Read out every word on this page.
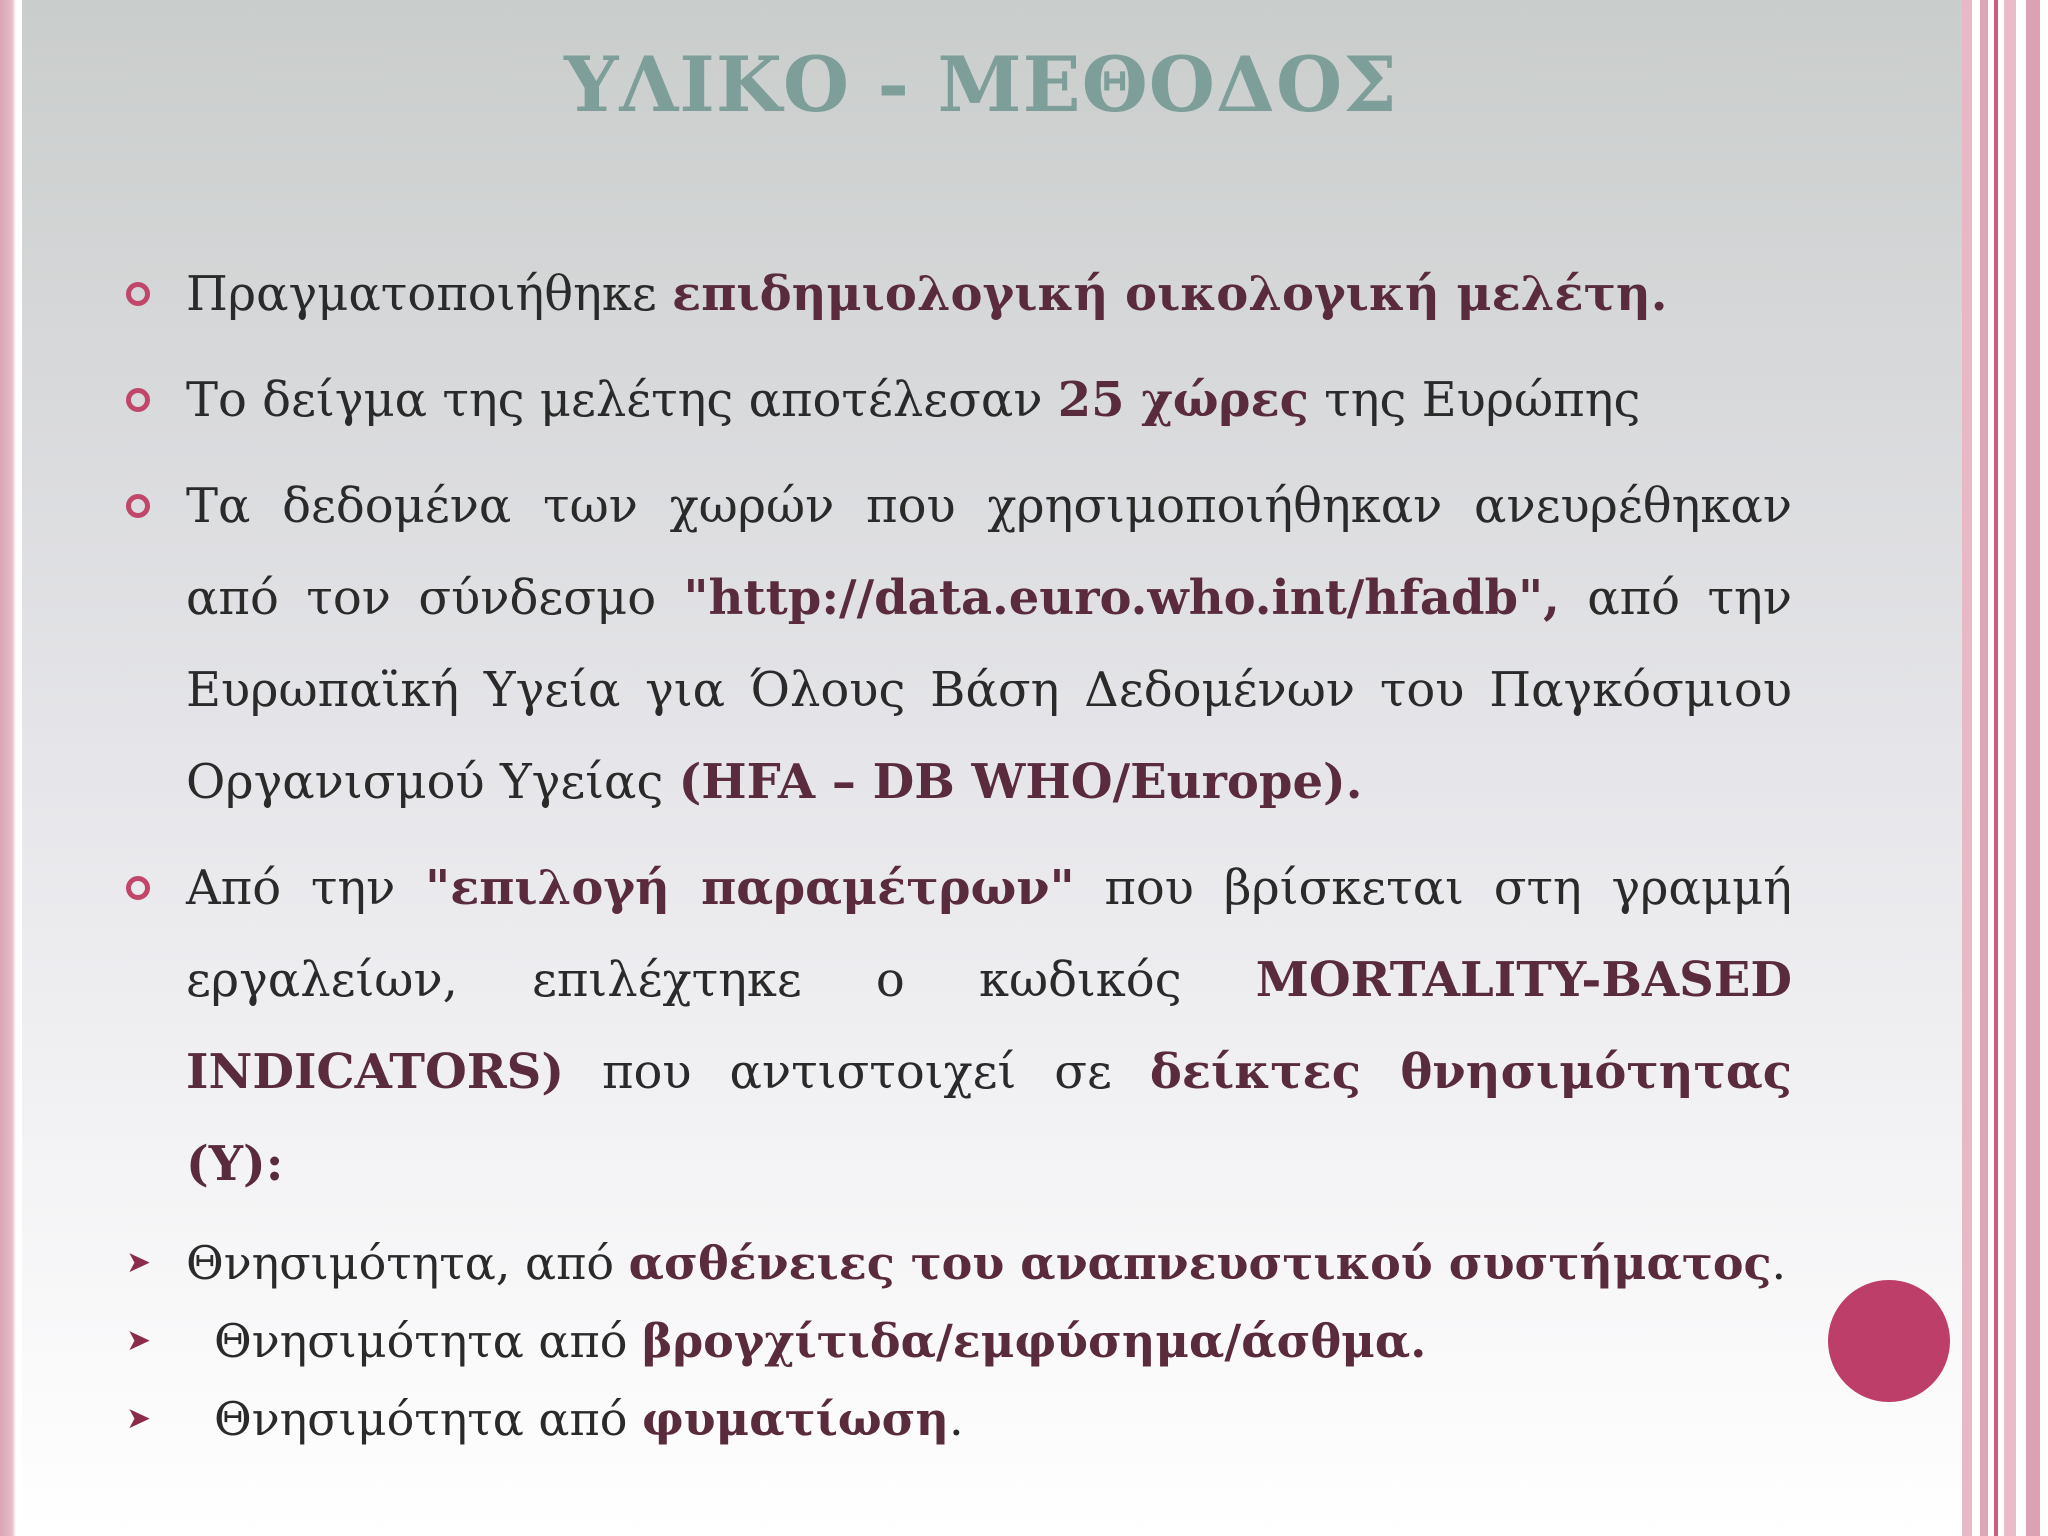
ΥΛΙΚΟ - ΜΕΘΟΔΟΣ

Πραγματοποιήθηκε επιδημιολογική οικολογική μελέτη.

Το δείγμα της μελέτης αποτέλεσαν 25 χώρες της Ευρώπης

Τα δεδομένα των χωρών που χρησιμοποιήθηκαν ανευρέθηκαν από τον σύνδεσμο "http://data.euro.who.int/hfadb", από την Ευρωπαϊκή Υγεία για Όλους Βάση Δεδομένων του Παγκόσμιου Οργανισμού Υγείας (HFA – DB WHO/Europe).

Από την "επιλογή παραμέτρων" που βρίσκεται στη γραμμή εργαλείων, επιλέχτηκε ο κωδικός MORTALITY-BASED INDICATORS) που αντιστοιχεί σε δείκτες θνησιμότητας (Υ):

➤ Θνησιμότητα, από ασθένειες του αναπνευστικού συστήματος.

➤ Θνησιμότητα από βρογχίτιδα/εμφύσημα/άσθμα.

➤ Θνησιμότητα από φυματίωση.
